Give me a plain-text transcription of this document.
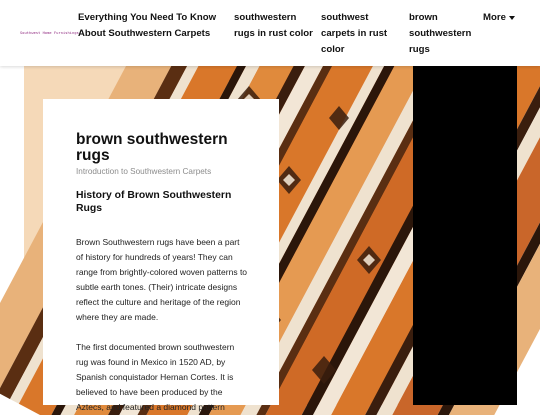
Southwest Home Furnishings
Everything You Need To Know About Southwestern Carpets
southwestern rugs in rust color
southwest carpets in rust color
brown southwestern rugs
More
brown southwestern rugs
Introduction to Southwestern Carpets
History of Brown Southwestern Rugs

Brown Southwestern rugs have been a part of history for hundreds of years! They can range from brightly-colored woven patterns to subtle earth tones. (Their) intricate designs reflect the culture and heritage of the region where they are made.

The first documented brown southwestern rug was found in Mexico in 1520 AD, by Spanish conquistador Hernan Cortes. It is believed to have been produced by the Aztecs, and featured a diamond pattern
